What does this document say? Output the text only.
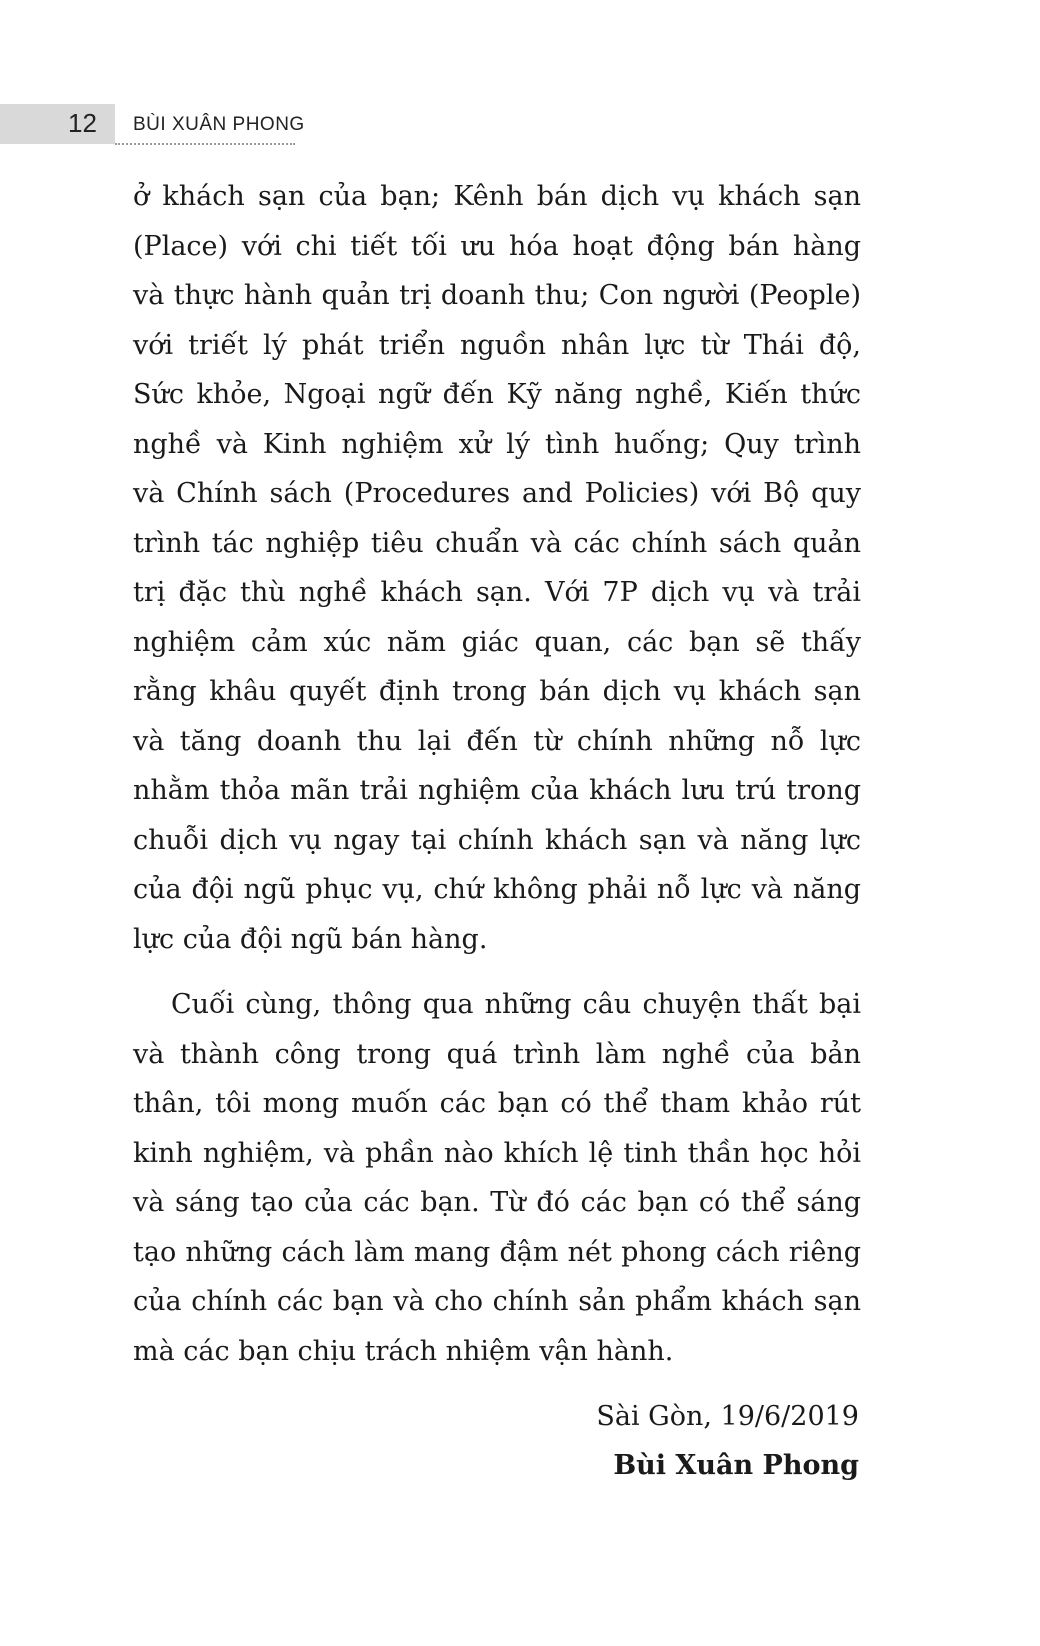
12 BÙI XUÂN PHONG
ở khách sạn của bạn; Kênh bán dịch vụ khách sạn
(Place) với chi tiết tối ưu hóa hoạt động bán hàng
và thực hành quản trị doanh thu; Con người (People)
với triết lý phát triển nguồn nhân lực từ Thái độ,
Sức khỏe, Ngoại ngữ đến Kỹ năng nghề, Kiến thức
nghề và Kinh nghiệm xử lý tình huống; Quy trình
và Chính sách (Procedures and Policies) với Bộ quy
trình tác nghiệp tiêu chuẩn và các chính sách quản
trị đặc thù nghề khách sạn. Với 7P dịch vụ và trải
nghiệm cảm xúc năm giác quan, các bạn sẽ thấy
rằng khâu quyết định trong bán dịch vụ khách sạn
và tăng doanh thu lại đến từ chính những nỗ lực
nhằm thỏa mãn trải nghiệm của khách lưu trú trong
chuỗi dịch vụ ngay tại chính khách sạn và năng lực
của đội ngũ phục vụ, chứ không phải nỗ lực và năng
lực của đội ngũ bán hàng.
Cuối cùng, thông qua những câu chuyện thất bại
và thành công trong quá trình làm nghề của bản
thân, tôi mong muốn các bạn có thể tham khảo rút
kinh nghiệm, và phần nào khích lệ tinh thần học hỏi
và sáng tạo của các bạn. Từ đó các bạn có thể sáng
tạo những cách làm mang đậm nét phong cách riêng
của chính các bạn và cho chính sản phẩm khách sạn
mà các bạn chịu trách nhiệm vận hành.
Sài Gòn, 19/6/2019
Bùi Xuân Phong
